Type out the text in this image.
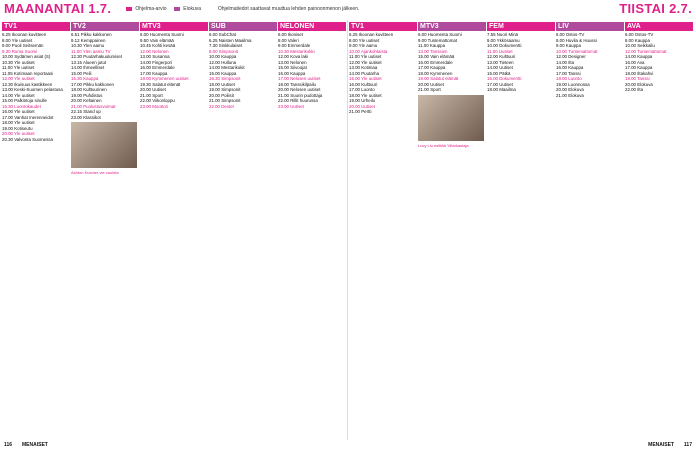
MAANANTAI 1.7.	Ohjelma-arvio	Elokuva	Ohjelmatiedot saattavat muuttua lehden painoonmenon jälkeen.	TIISTAI 2.7.
TV1
6.25 Ikoonan kuvitteen
8.00 Yle uutiset
9.00 Puoli Seitsemän
9.30 Ruma Suomi
10.00 Sydämen asiat (S)
10.30 Yle uutiset
11.00 Yle uutiset
11.05 Kotimaan reportaasi
12.00 Yle uutiset
12.30 Ikuisuus kastikkeen
13.00 Keski-Suomen pelastusa
14.00 Yle uutiset
15.00 Palkintoja sinulle
15.30 Luontokaudet
16.00 Yle uutiset
17.00 Vanhat merenneidot
18.00 Yle uutiset
19.00 Kotiseutu
20.00 Yle uutiset
20.30 Valvonta Suomessa
TV2
6.51 Pikku kakkonen
9.12 Kemppainen
10.30 Ylen aamu
11.00 Ylen aamu TV
12.30 Puutarhakuulumiset
13.15 Alueen jutut
14.00 Ihmeelliset
15.00 Peili
16.30 Kauppa
17.00 Pikku kakkonen
18.00 Kulttuurinen
19.00 Puhdistus
20.00 Keltainen
21.00 Puolustusvoimat
22.15 Stand up
23.00 Klassikot
Ashton Kutcher vie vauhtia
MTV3
6.00 Huomenta Suomi
9.50 Vain elämää
10.45 Kohti kesää
12.00 Nelonen
13.00 Susanna
14.00 Fingerpori
16.00 Emmerdale
17.00 Kauppa
18.00 Kymmenen uutiset
19.30 Salatut elämät
20.00 Uutiset
21.00 Sport
22.00 Viikonloppu
23.00 Moottori
SUB
6.00 SubChat
6.25 Naisten Maailma
7.30 Sinkkulaiset
8.00 Simpsonit
10.00 Kauppa
12.00 Hulluna
14.00 Mestarikokit
15.00 Kauppa
16.30 Simpsonit
18.00 Uutiset
19.00 Simpsonit
20.00 Poliisit
21.00 Simpsonit
22.00 Dexter
NELONEN
6.00 Ikoniset
8.00 Valeri
9.00 Emmerdale
10.30 Mestarikokki
12.00 Kova laki
13.00 Nelonen
15.00 Siivoojat
16.00 Kauppa
17.00 Nelosen uutiset
18.00 Tanssikilpailu
20.00 Nelosen uutiset
21.00 Suurin pudottaja
22.00 Rillit huurussa
23.00 Uutiset
TV1
6.25 Ikoonan kuvitteen
8.00 Yle uutiset
9.00 Yle aamu
10.00 Ajankohtaista
11.00 Yle uutiset
12.00 Yle uutiset
13.00 Kotimaa
14.00 Puutarha
15.00 Yle uutiset
16.00 Kulttuuri
17.00 Luonto
18.00 Yle uutiset
19.00 Urheilu
20.00 Uutiset
21.00 Pertti
MTV3
6.00 Huomenta Suomi
9.00 Tuntemattomat
11.00 Kauppa
13.00 Tanssien
15.00 Vain elämää
16.00 Emmerdale
17.00 Kauppa
18.00 Kymmenen
19.00 Salatut elämät
20.00 Uutiset
21.00 Sport
Lucy Liu esittää Ylitarkastaja
FEM
7.55 Nuori Minä
9.00 Ykkösaamu
10.00 Dokumentti
11.00 Uutiset
12.00 Kulttuuri
13.00 Tieteen
14.00 Uutiset
15.00 Pätkä
16.00 Dokumentti
17.00 Uutiset
18.00 Maailma
LIV
6.00 Ostos-TV
8.00 Huvila & Huussi
9.00 Kauppa
10.00 Tuntemattomat
12.00 Designer
14.00 Ilta
16.00 Kauppa
17.00 Tanssi
18.00 Luonto
19.00 Luonnossa
20.00 Elokuva
21.00 Elokuva
AVA
6.00 Ostos-TV
8.00 Kauppa
10.00 Seikkailu
12.00 Tuntemattomat
14.00 Kauppa
16.00 Ava
17.00 Kauppa
18.00 Iltakahvi
19.00 Tanssi
20.00 Elokuva
22.00 Ilta
116 MENAISET	MENAISET 117
